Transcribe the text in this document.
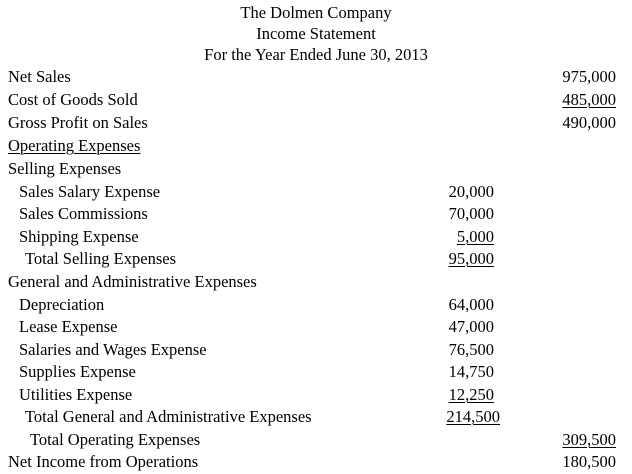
The Dolmen Company
Income Statement
For the Year Ended June 30, 2013
Net Sales	975,000
Cost of Goods Sold	485,000
Gross Profit on Sales	490,000
Operating Expenses
Selling Expenses
Sales Salary Expense	20,000
Sales Commissions	70,000
Shipping Expense	5,000
Total Selling Expenses	95,000
General and Administrative Expenses
Depreciation	64,000
Lease Expense	47,000
Salaries and Wages Expense	76,500
Supplies Expense	14,750
Utilities Expense	12,250
Total General and Administrative Expenses	214,500
Total Operating Expenses	309,500
Net Income from Operations	180,500
